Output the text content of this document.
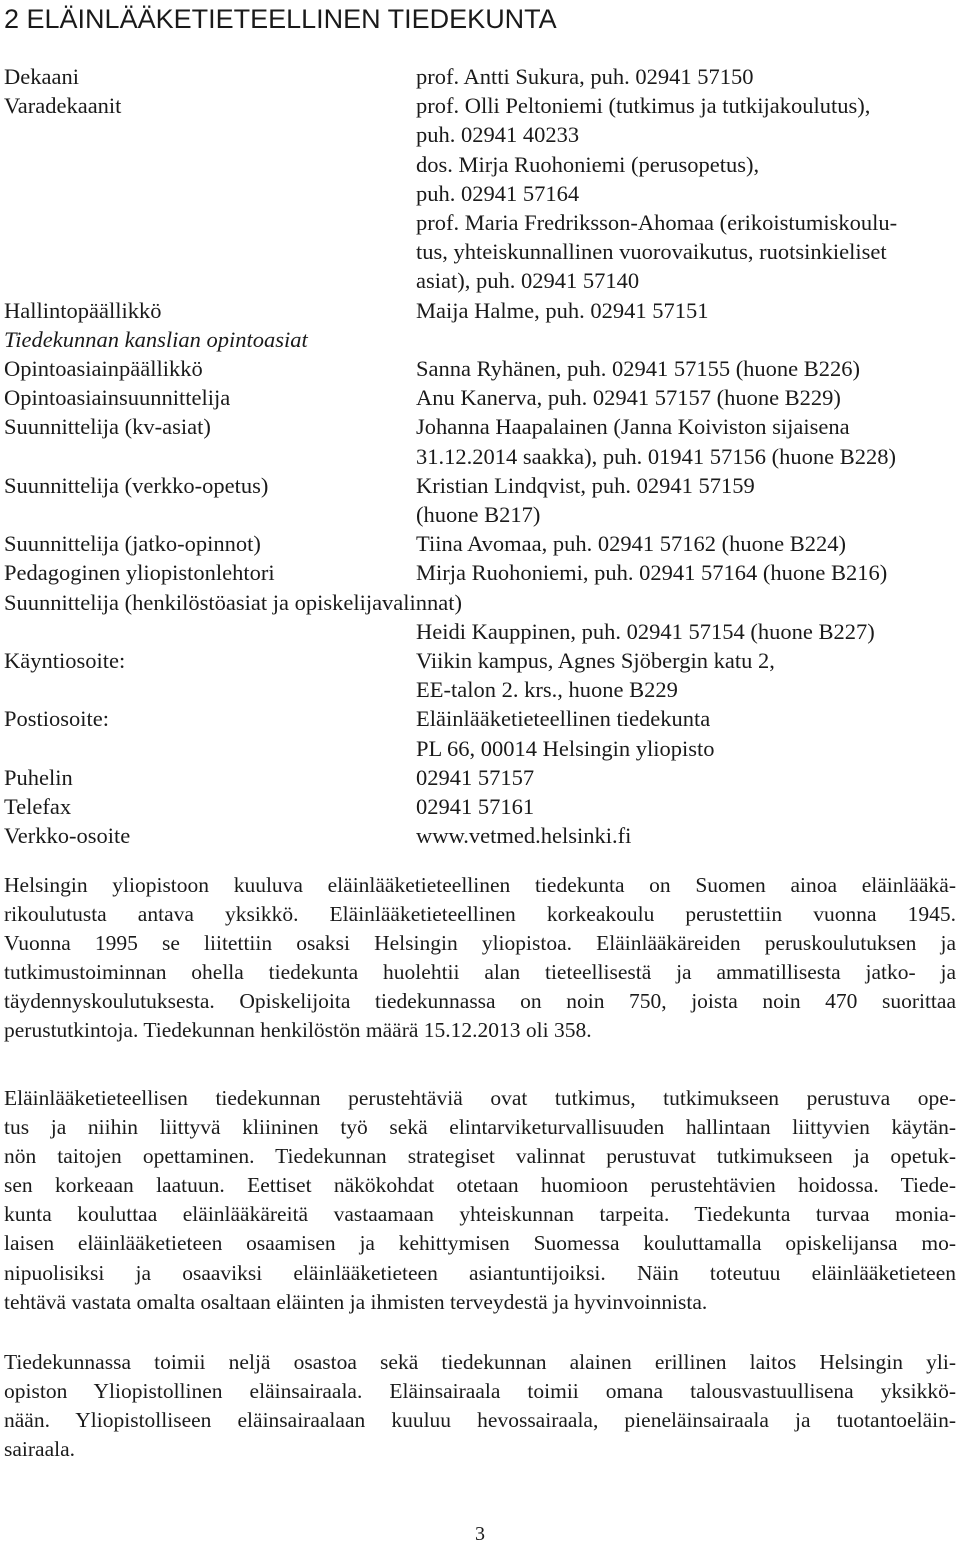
2 ELÄINLÄÄKETIETEELLINEN TIEDEKUNTA
Dekaani	prof. Antti Sukura, puh. 02941 57150
Varadekaanit	prof. Olli Peltoniemi (tutkimus ja tutkijakoulutus),
puh. 02941 40233
dos. Mirja Ruohoniemi (perusopetus),
puh. 02941 57164
prof. Maria Fredriksson-Ahomaa (erikoistumiskoulu-
tus, yhteiskunnallinen vuorovaikutus, ruotsinkieliset
asiat), puh. 02941 57140
Hallintopäällikkö	Maija Halme, puh. 02941 57151
Tiedekunnan kanslian opintoasiat
Opintoasiainpäällikkö	Sanna Ryhänen, puh. 02941 57155 (huone B226)
Opintoasiainsuunnittelija	Anu Kanerva, puh. 02941 57157 (huone B229)
Suunnittelija (kv-asiat)	Johanna Haapalainen (Janna Koiviston sijaisena
31.12.2014 saakka), puh. 01941 57156 (huone B228)
Suunnittelija (verkko-opetus)	Kristian Lindqvist, puh. 02941 57159
(huone B217)
Suunnittelija (jatko-opinnot)	Tiina Avomaa, puh. 02941 57162 (huone B224)
Pedagoginen yliopistonlehtori	Mirja Ruohoniemi, puh. 02941 57164 (huone B216)
Suunnittelija (henkilöstöasiat ja opiskelijavalinnat)
Heidi Kauppinen, puh. 02941 57154 (huone B227)
Käyntiosoite:	Viikin kampus, Agnes Sjöbergin katu 2,
EE-talon 2. krs., huone B229
Postiosoite:	Eläinlääketieteellinen tiedekunta
PL 66, 00014 Helsingin yliopisto
Puhelin	02941 57157
Telefax	02941 57161
Verkko-osoite	www.vetmed.helsinki.fi
Helsingin yliopistoon kuuluva eläinlääketieteellinen tiedekunta on Suomen ainoa eläinlääkä-
rikoulutusta antava yksikkö. Eläinlääketieteellinen korkeakoulu perustettiin vuonna 1945.
Vuonna 1995 se liitettiin osaksi Helsingin yliopistoa. Eläinlääkäreiden peruskoulutuksen ja
tutkimustoiminnan ohella tiedekunta huolehtii alan tieteellisestä ja ammatillisesta jatko- ja
täydennyskoulutuksesta. Opiskelijoita tiedekunnassa on noin 750, joista noin 470 suorittaa
perustutkintoja. Tiedekunnan henkilöstön määrä 15.12.2013 oli 358.
Eläinlääketieteellisen tiedekunnan perustehtäviä ovat tutkimus, tutkimukseen perustuva ope-
tus ja niihin liittyvä kliininen työ sekä elintarviketurvallisuuden hallintaan liittyvien käytän-
nön taitojen opettaminen. Tiedekunnan strategiset valinnat perustuvat tutkimukseen ja opetuk-
sen korkeaan laatuun. Eettiset näkökohdat otetaan huomioon perustehtävien hoidossa. Tiede-
kunta kouluttaa eläinlääkäreitä vastaamaan yhteiskunnan tarpeita. Tiedekunta turvaa monia-
laisen eläinlääketieteen osaamisen ja kehittymisen Suomessa kouluttamalla opiskelijansa mo-
nipuolisiksi ja osaaviksi eläinlääketieteen asiantuntijoiksi. Näin toteutuu eläinlääketieteen
tehtävä vastata omalta osaltaan eläinten ja ihmisten terveydestä ja hyvinvoinnista.
Tiedekunnassa toimii neljä osastoa sekä tiedekunnan alainen erillinen laitos Helsingin yli-
opiston Yliopistollinen eläinsairaala. Eläinsairaala toimii omana talousvastuullisena yksikkö-
nään. Yliopistolliseen eläinsairaalaan kuuluu hevossairaala, pieneläinsairaala ja tuotantoeläin-
sairaala.
3
